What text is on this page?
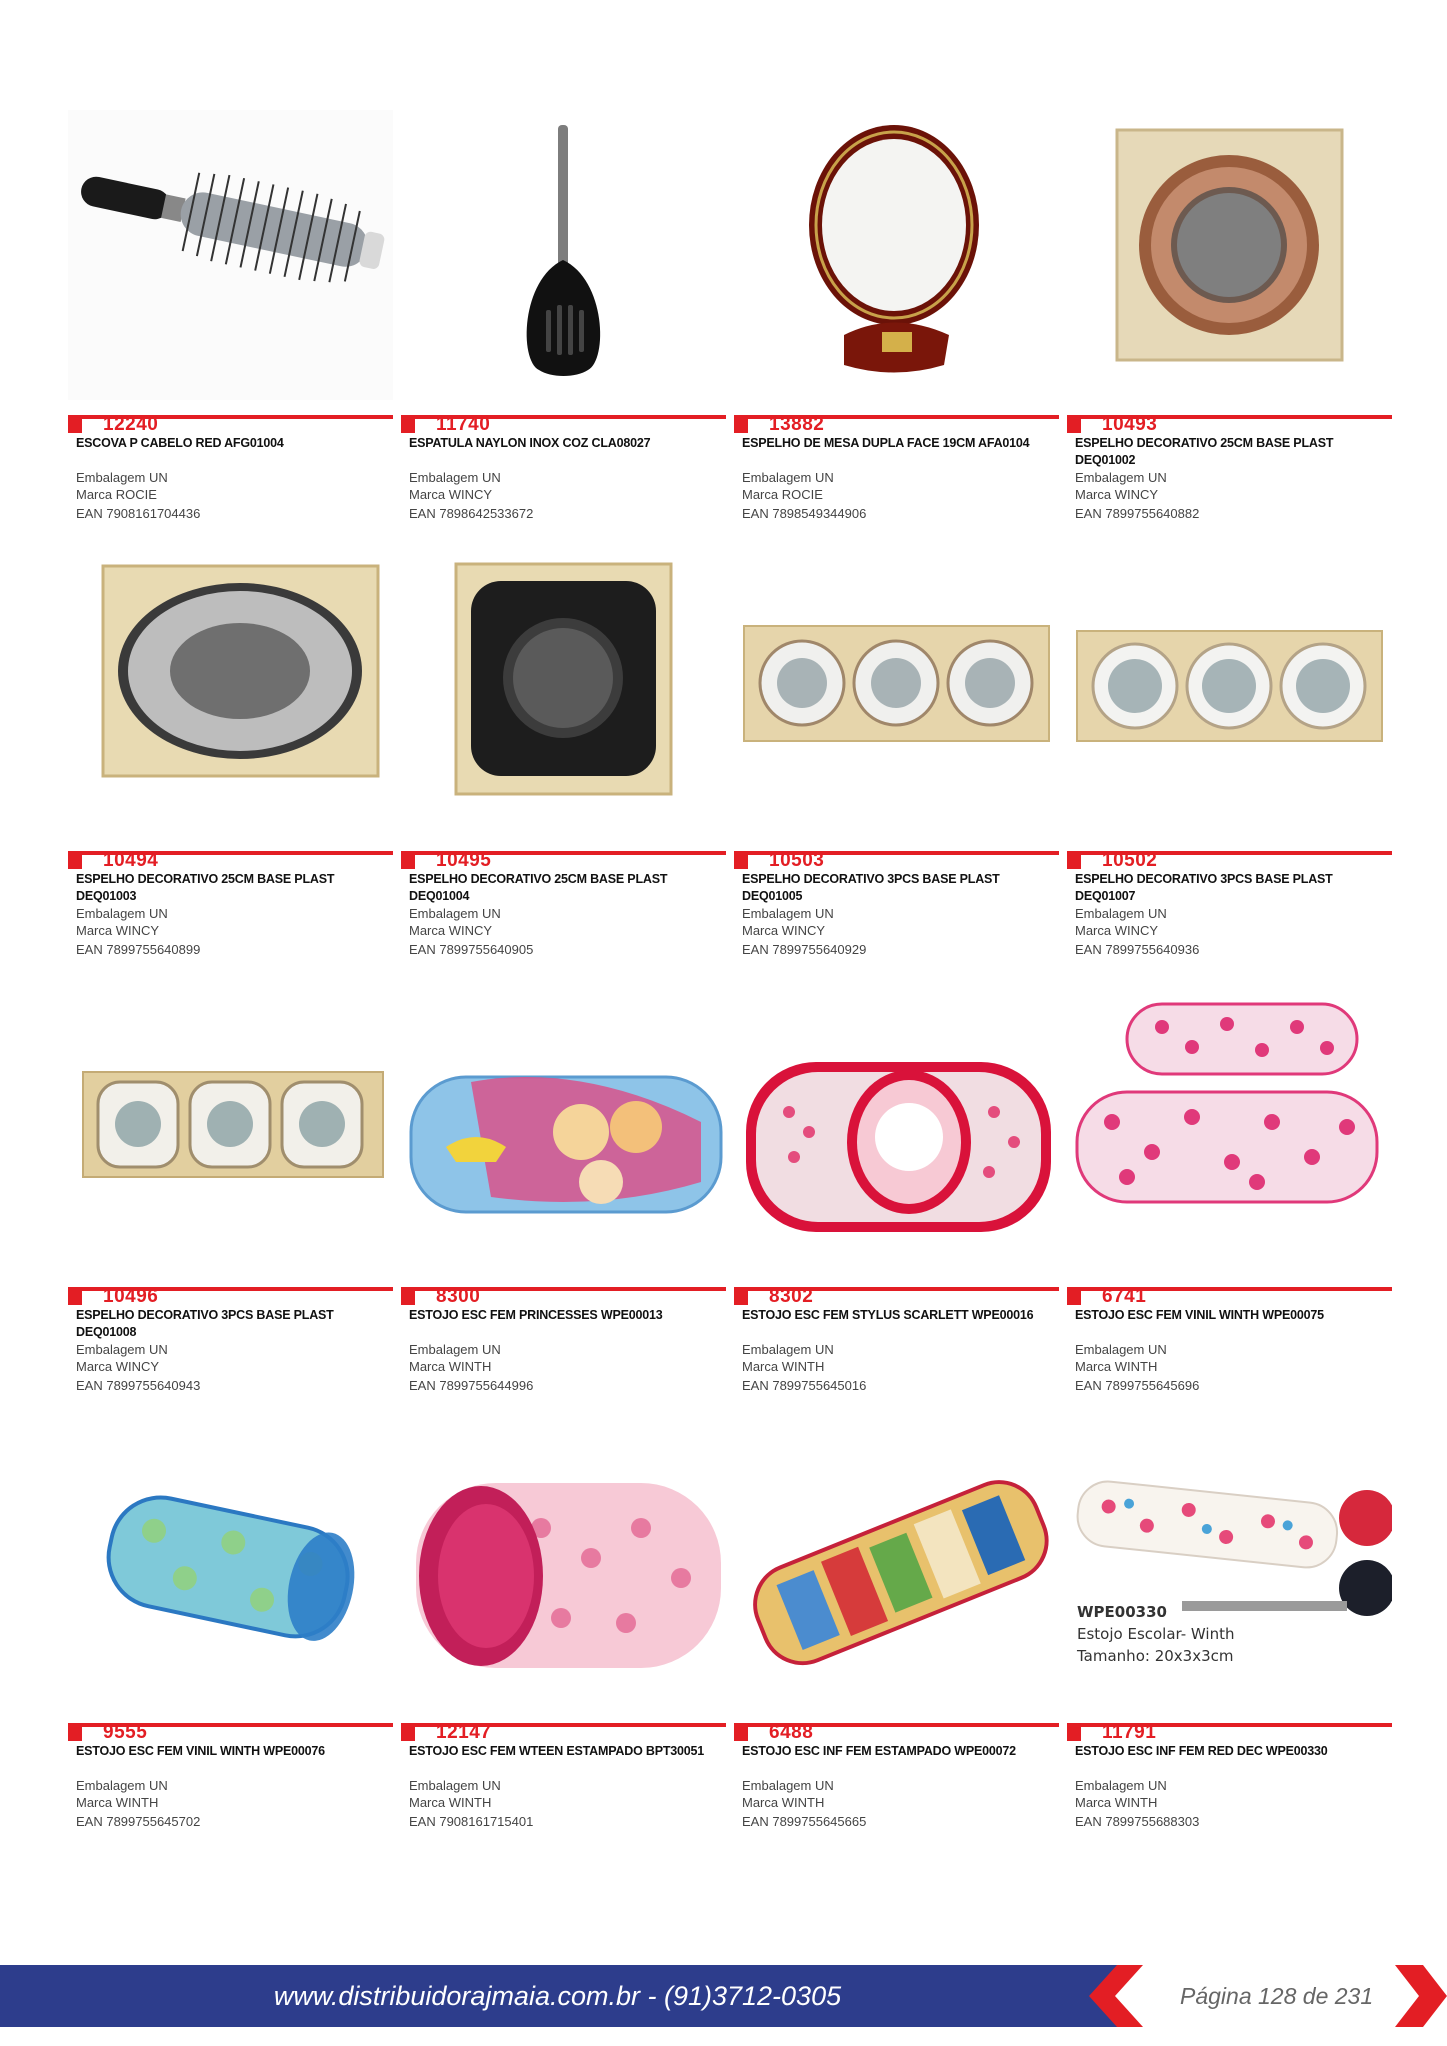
12240
ESCOVA P CABELO RED AFG01004
Embalagem UN
Marca ROCIE
EAN 7908161704436
11740
ESPATULA NAYLON INOX COZ CLA08027
Embalagem UN
Marca WINCY
EAN 7898642533672
13882
ESPELHO DE MESA DUPLA FACE 19CM AFA0104
Embalagem UN
Marca ROCIE
EAN 7898549344906
10493
ESPELHO DECORATIVO 25CM BASE PLAST DEQ01002
Embalagem UN
Marca WINCY
EAN 7899755640882
10494
ESPELHO DECORATIVO 25CM BASE PLAST DEQ01003
Embalagem UN
Marca WINCY
EAN 7899755640899
10495
ESPELHO DECORATIVO 25CM BASE PLAST DEQ01004
Embalagem UN
Marca WINCY
EAN 7899755640905
10503
ESPELHO DECORATIVO 3PCS BASE PLAST DEQ01005
Embalagem UN
Marca WINCY
EAN 7899755640929
10502
ESPELHO DECORATIVO 3PCS BASE PLAST DEQ01007
Embalagem UN
Marca WINCY
EAN 7899755640936
10496
ESPELHO DECORATIVO 3PCS BASE PLAST DEQ01008
Embalagem UN
Marca WINCY
EAN 7899755640943
8300
ESTOJO ESC FEM PRINCESSES WPE00013
Embalagem UN
Marca WINTH
EAN 7899755644996
8302
ESTOJO ESC FEM STYLUS SCARLETT WPE00016
Embalagem UN
Marca WINTH
EAN 7899755645016
6741
ESTOJO ESC FEM VINIL WINTH WPE00075
Embalagem UN
Marca WINTH
EAN 7899755645696
9555
ESTOJO ESC FEM VINIL WINTH WPE00076
Embalagem UN
Marca WINTH
EAN 7899755645702
12147
ESTOJO ESC FEM WTEEN ESTAMPADO BPT30051
Embalagem UN
Marca WINTH
EAN 7908161715401
6488
ESTOJO ESC INF FEM ESTAMPADO WPE00072
Embalagem UN
Marca WINTH
EAN 7899755645665
WPE00330
Estojo Escolar- Winth
Tamanho: 20x3x3cm
11791
ESTOJO ESC INF FEM RED DEC WPE00330
Embalagem UN
Marca WINTH
EAN 7899755688303
www.distribuidorajmaia.com.br - (91)3712-0305	Página 128 de 231
